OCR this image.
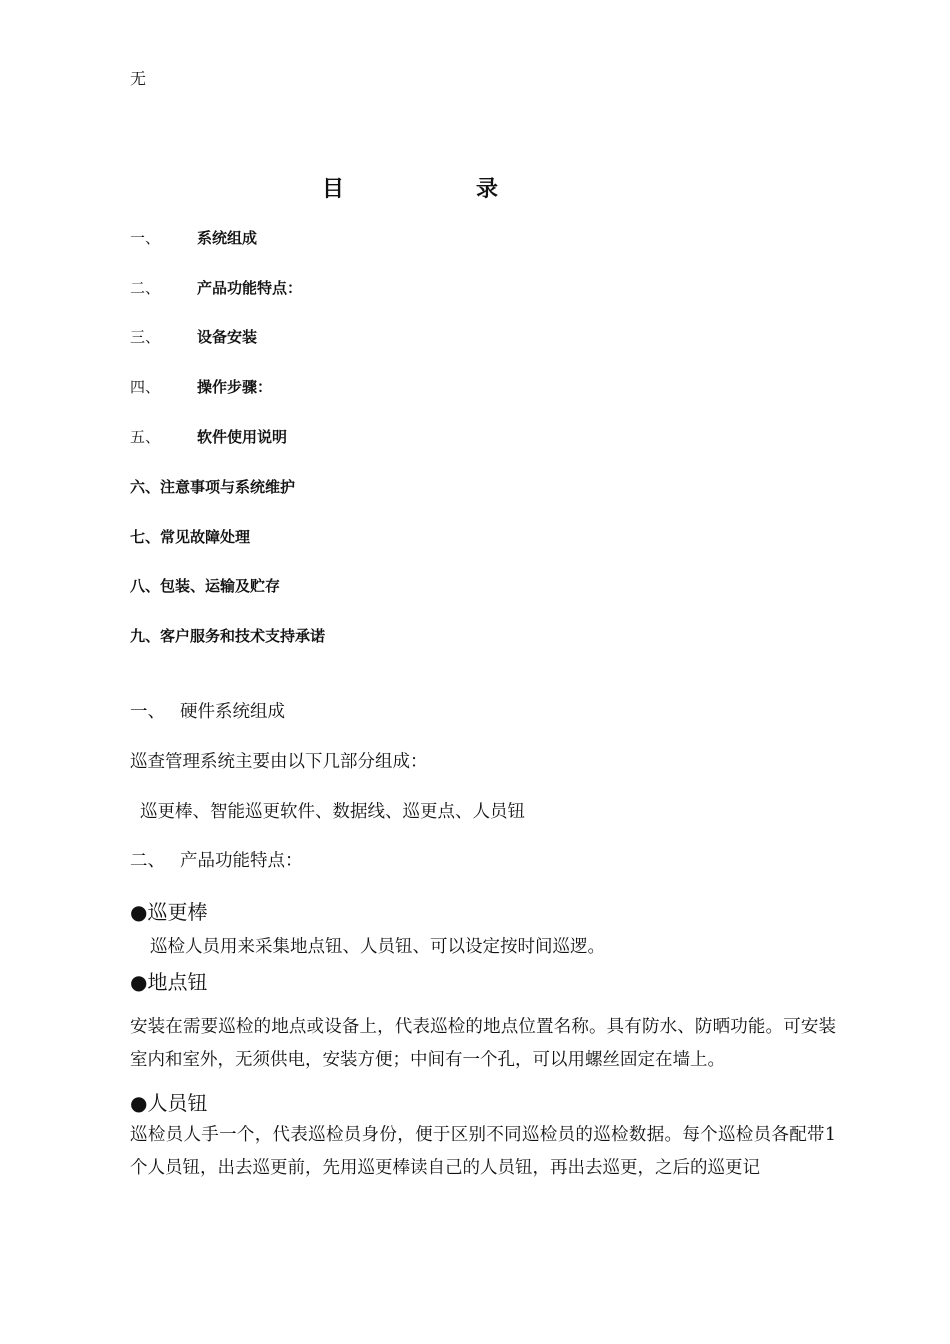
无
目	录
一、 系统组成
二、 产品功能特点：
三、 设备安装
四、 操作步骤：
五、 软件使用说明
六、注意事项与系统维护
七、常见故障处理
八、包装、运输及贮存
九、客户服务和技术支持承诺
一、 硬件系统组成
巡查管理系统主要由以下几部分组成：
巡更棒、智能巡更软件、数据线、巡更点、人员钮
二、 产品功能特点：
●巡更棒
巡检人员用来采集地点钮、人员钮、可以设定按时间巡逻。
●地点钮
安装在需要巡检的地点或设备上，代表巡检的地点位置名称。具有防水、防晒功能。可安装室内和室外，无须供电，安装方便；中间有一个孔，可以用螺丝固定在墙上。
●人员钮
巡检员人手一个，代表巡检员身份，便于区别不同巡检员的巡检数据。每个巡检员各配带1个人员钮，出去巡更前，先用巡更棒读自己的人员钮，再出去巡更，之后的巡更记
